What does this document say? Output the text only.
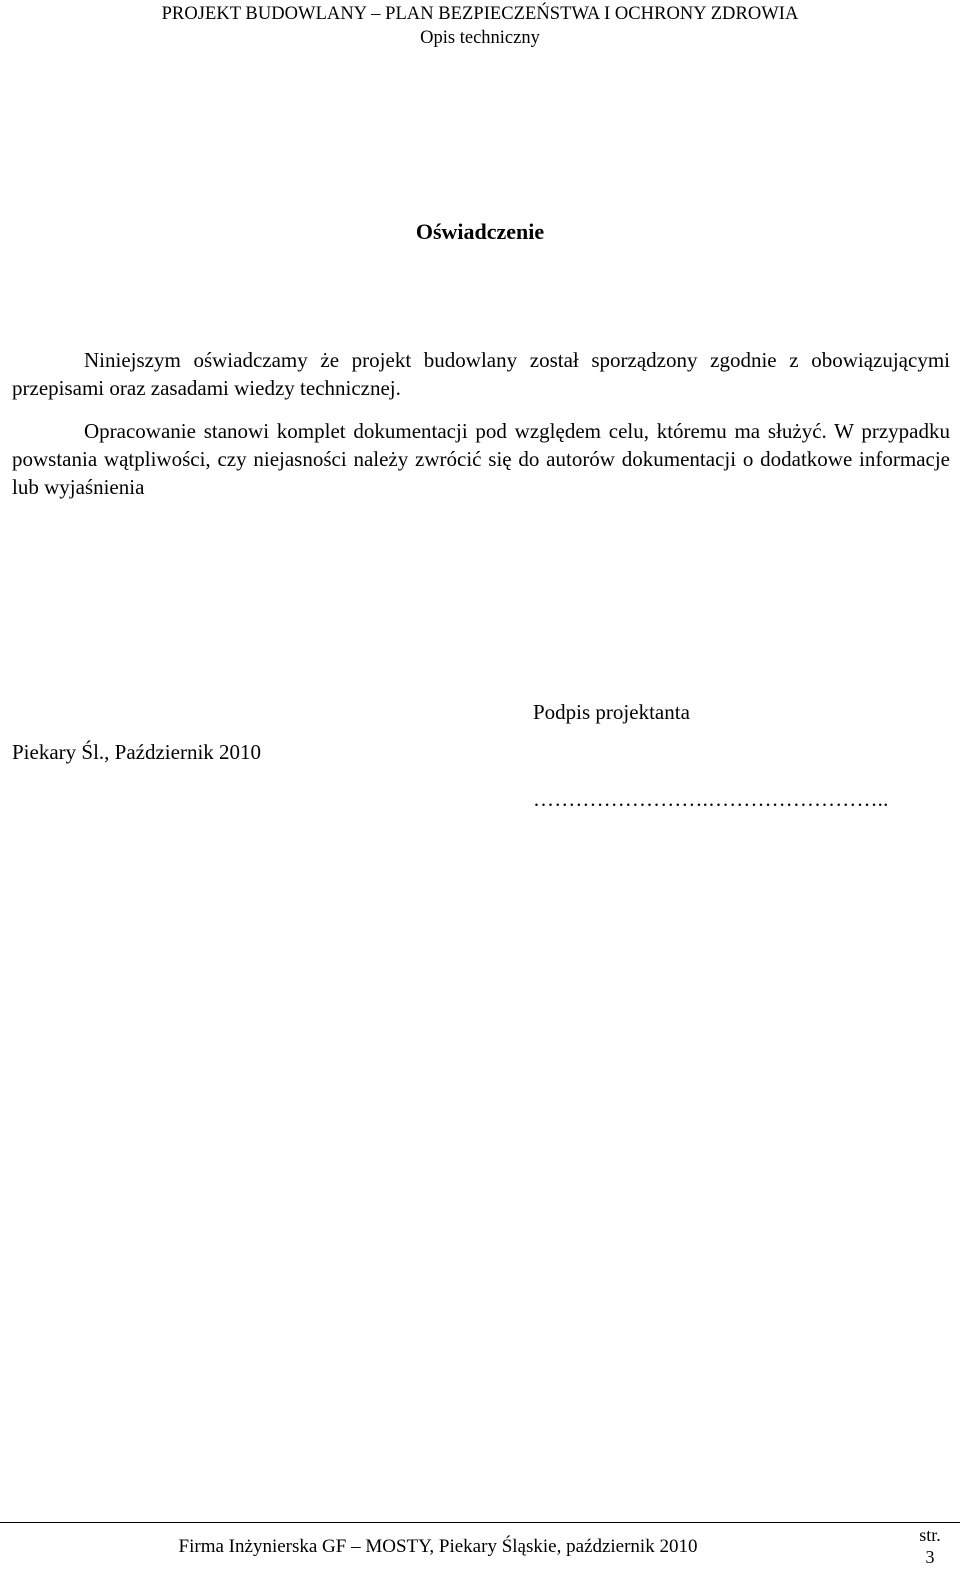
PROJEKT BUDOWLANY – PLAN BEZPIECZEŃSTWA I OCHRONY ZDROWIA
Opis techniczny
Oświadczenie
Niniejszym oświadczamy że projekt budowlany został sporządzony zgodnie z obowiązującymi przepisami oraz zasadami wiedzy technicznej.
Opracowanie stanowi komplet dokumentacji pod względem celu, któremu ma służyć. W przypadku powstania wątpliwości, czy niejasności należy zwrócić się do autorów dokumentacji o dodatkowe informacje lub wyjaśnienia
Podpis projektanta
Piekary Śl., Październik 2010
…………………….……………………..
Firma Inżynierska GF – MOSTY, Piekary Śląskie, październik 2010
str.
3
